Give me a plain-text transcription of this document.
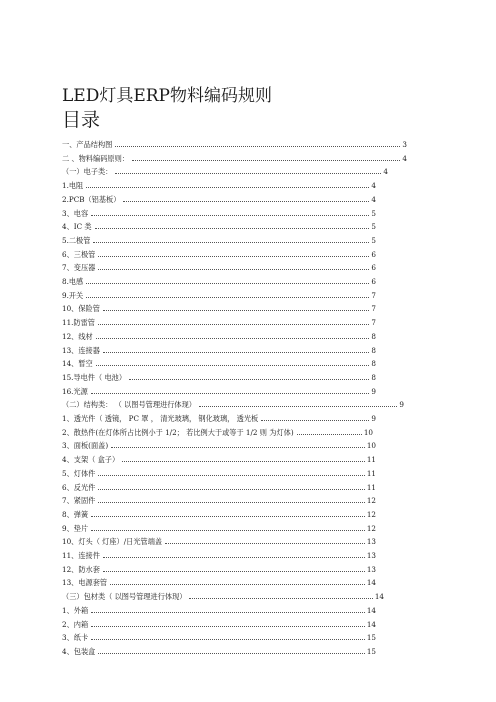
LED灯具ERP物料编码规则
目录
一、产品结构图	3
二 、物料编码原则：	4
（一）电子类：	4
1.电阻	4
2.PCB（铝基板）	4
3、电容	5
4、IC 类	5
5.二极管	5
6、三极管	6
7、变压器	6
8.电感	6
9.开关	7
10、保险管	7
11.防雷管	7
12、线材	8
13、连接器	8
14、暂空	8
15.导电件（ 电池）	8
16.光源	9
（二）结构类： （ 以图号管理进行体现）	9
1、透光件（ 透镜， PC 罩 ， 清光玻璃， 钢化玻璃， 透光板	9
2、散热件(在灯体所占比例小于 1/2； 若比例大于或等于 1/2 则 为灯体)	10
3、面板(面盖)	10
4、支架（ 盒子）	11
5、灯体件	11
6、反光件	11
7、紧固件	12
8、弹簧	12
9、垫片	12
10、灯头（ 灯座）/日光管端盖	13
11、连接件	13
12、防水套	13
13、电源套管	14
（三）包材类（ 以图号管理进行体现）	14
1、外箱	14
2、内箱	14
3、纸卡	15
4、包装盒	15
